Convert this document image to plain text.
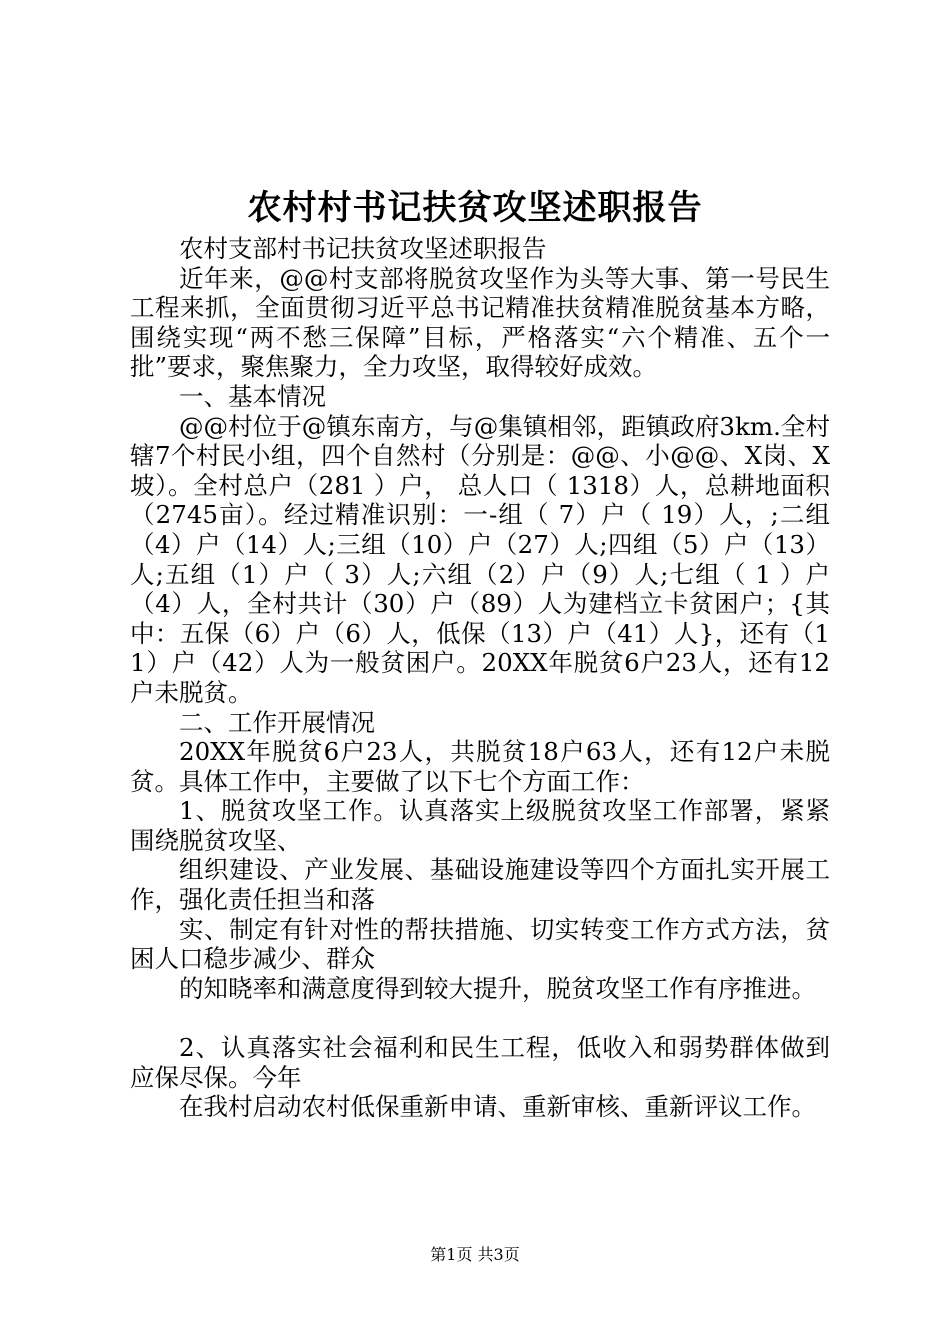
农村村书记扶贫攻坚述职报告

农村支部村书记扶贫攻坚述职报告

近年来，@@村支部将脱贫攻坚作为头等大事、第一号民生工程来抓，全面贯彻习近平总书记精准扶贫精准脱贫基本方略，围绕实现“两不愁三保障”目标，严格落实“六个精准、五个一批”要求，聚焦聚力，全力攻坚，取得较好成效。

一、基本情况

@@村位于@镇东南方，与@集镇相邻，距镇政府3km.全村辖7个村民小组，四个自然村（分别是：@@、小@@、X岗、X坡）。全村总户（281 ）户， 总人口（ 1318）人，总耕地面积（2745亩）。经过精准识别：一-组（ 7）户（ 19）人，;二组（4）户（14）人;三组（10）户（27）人;四组（5）户（13）人;五组（1）户（ 3）人;六组（2）户（9）人;七组（ 1 ）户（4）人，全村共计（30）户（89）人为建档立卡贫困户；{其中：五保（6）户（6）人，低保（13）户（41）人}，还有（11）户（42）人为一般贫困户。20XX年脱贫6户23人，还有12户未脱贫。

二、工作开展情况

20XX年脱贫6户23人，共脱贫18户63人，还有12户未脱贫。具体工作中，主要做了以下七个方面工作：

1、脱贫攻坚工作。认真落实上级脱贫攻坚工作部署，紧紧围绕脱贫攻坚、

组织建设、产业发展、基础设施建设等四个方面扎实开展工作，强化责任担当和落

实、制定有针对性的帮扶措施、切实转变工作方式方法，贫困人口稳步减少、群众

的知晓率和满意度得到较大提升，脱贫攻坚工作有序推进。

2、认真落实社会福利和民生工程，低收入和弱势群体做到应保尽保。今年

在我村启动农村低保重新申请、重新审核、重新评议工作。

第1页 共3页
